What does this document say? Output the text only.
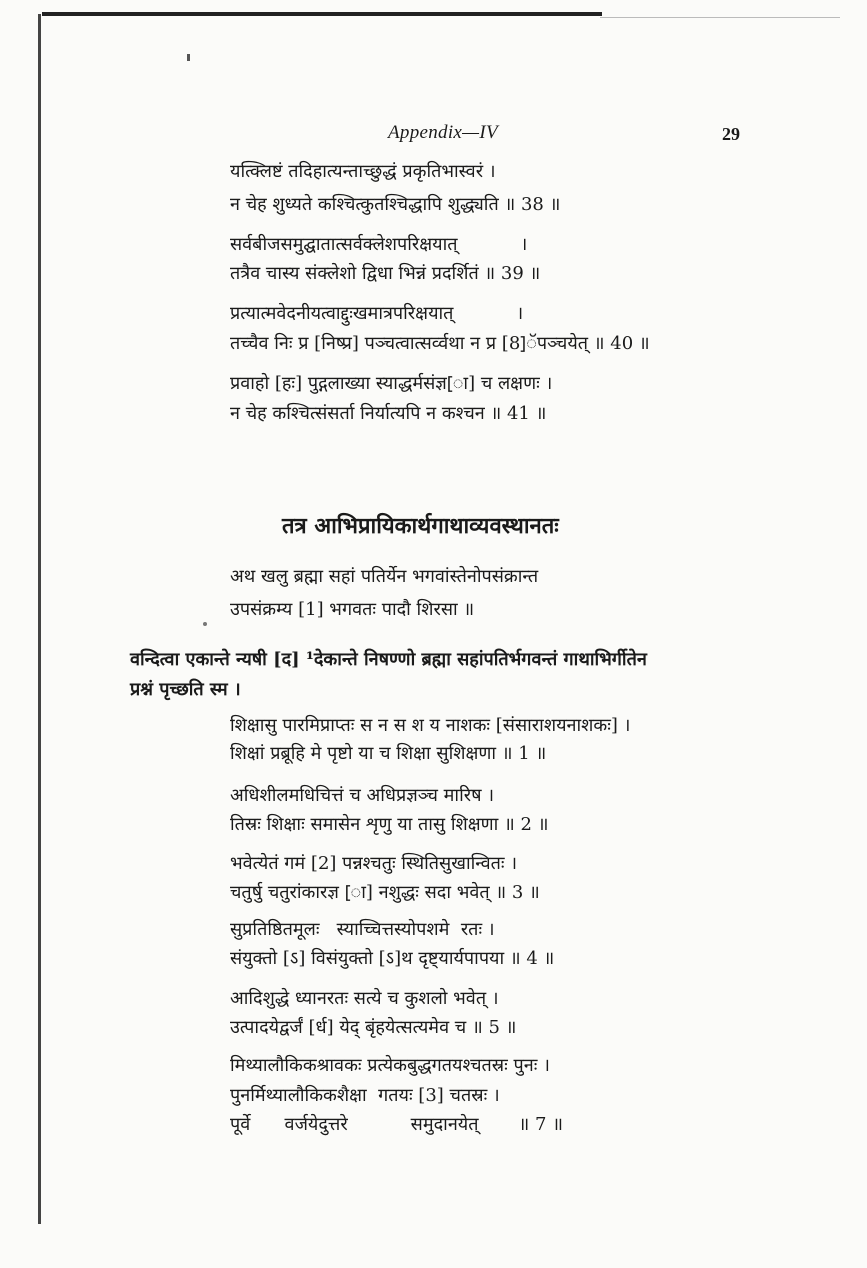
Appendix—IV	29
यत्क्लिष्टं तदिहात्यन्ताच्छुद्धं प्रकृतिभास्वरं ।
न चेह शुध्यते कश्चित्कुतश्चिद्धापि शुद्ध्यति ॥ 38 ॥
सर्वबीजसमुद्घातात्सर्वक्लेशपरिक्षयात्           ।
तत्रैव चास्य संक्लेशो द्विधा भिन्नं प्रदर्शितं ॥ 39 ॥
प्रत्यात्मवेदनीयत्वाद्दुःखमात्रपरिक्षयात्           ।
तच्चैव निः प्र [निष्प्र] पञ्चत्वात्सर्व्वथा न प्र [8]ॅपञ्चयेत् ॥ 40 ॥
प्रवाहो [हः] पुद्गलाख्या स्याद्धर्मसंज्ञ[ा] च लक्षणः ।
न चेह कश्चित्संसर्ता निर्यात्यपि न कश्चन ॥ 41 ॥
तत्र आभिप्रायिकार्थगाथाव्यवस्थानतः
अथ खलु ब्रह्मा सहां पतिर्येन भगवांस्तेनोपसंक्रान्त
उपसंक्रम्य [1] भगवतः पादौ शिरसा ॥
वन्दित्वा एकान्ते न्यषी [द] ¹देकान्ते निषण्णो ब्रह्मा सहांपतिर्भगवन्तं गाथाभिर्गीतेन
प्रश्नं पृच्छति स्म ।
शिक्षासु पारमिप्राप्तः स न स श य नाशकः [संसाराशयनाशकः] ।
शिक्षां प्रब्रूहि मे पृष्टो या च शिक्षा सुशिक्षणा ॥ 1 ॥
अधिशीलमधिचित्तं च अधिप्रज्ञञ्च मारिष ।
तिस्रः शिक्षाः समासेन शृणु या तासु शिक्षणा ॥ 2 ॥
भवेत्येतं गमं [2] पन्नश्चतुः स्थितिसुखान्वितः ।
चतुर्षु चतुरांकारज्ञ [ा] नशुद्धः सदा भवेत् ॥ 3 ॥
सुप्रतिष्ठितमूलः   स्याच्चित्तस्योपशमे  रतः ।
संयुक्तो [ऽ] विसंयुक्तो [ऽ]थ दृष्ट्यार्यपापया ॥ 4 ॥
आदिशुद्धे ध्यानरतः सत्ये च कुशलो भवेत् ।
उत्पादयेद्वर्जं [र्ध] येद् बृंहयेत्सत्यमेव च ॥ 5 ॥
मिथ्यालौकिकश्रावकः प्रत्येकबुद्धगतयश्चतस्रः पुनः ।
पुनर्मिथ्यालौकिकशैक्षा  गतयः [3] चतस्रः ।
पूर्वे      वर्जयेदुत्तरे           समुदानयेत्       ॥ 7 ॥
